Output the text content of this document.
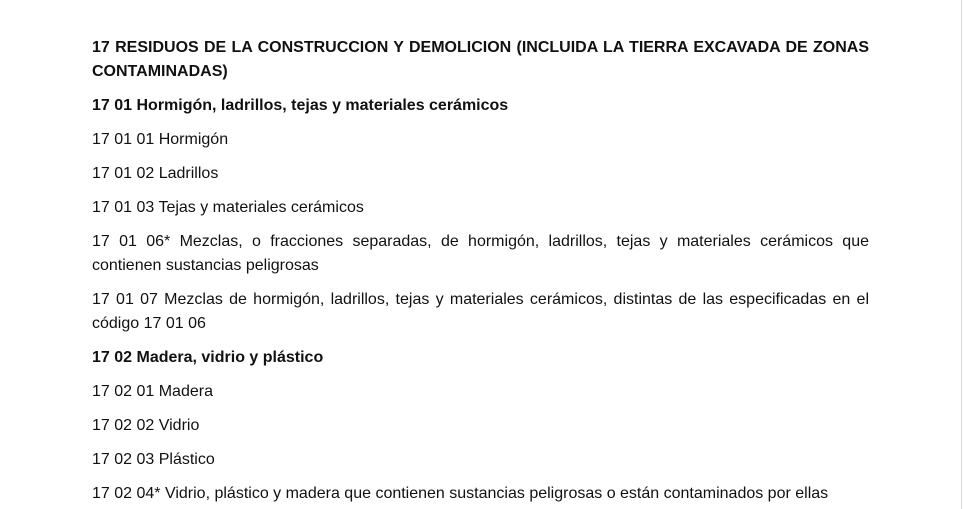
17 RESIDUOS DE LA CONSTRUCCION Y DEMOLICION (INCLUIDA LA TIERRA EXCAVADA DE ZONAS CONTAMINADAS)

17 01 Hormigón, ladrillos, tejas y materiales cerámicos

17 01 01 Hormigón

17 01 02 Ladrillos

17 01 03 Tejas y materiales cerámicos

17 01 06* Mezclas, o fracciones separadas, de hormigón, ladrillos, tejas y materiales cerámicos que contienen sustancias peligrosas

17 01 07 Mezclas de hormigón, ladrillos, tejas y materiales cerámicos, distintas de las especificadas en el código 17 01 06

17 02 Madera, vidrio y plástico

17 02 01 Madera

17 02 02 Vidrio

17 02 03 Plástico

17 02 04* Vidrio, plástico y madera que contienen sustancias peligrosas o están contaminados por ellas
